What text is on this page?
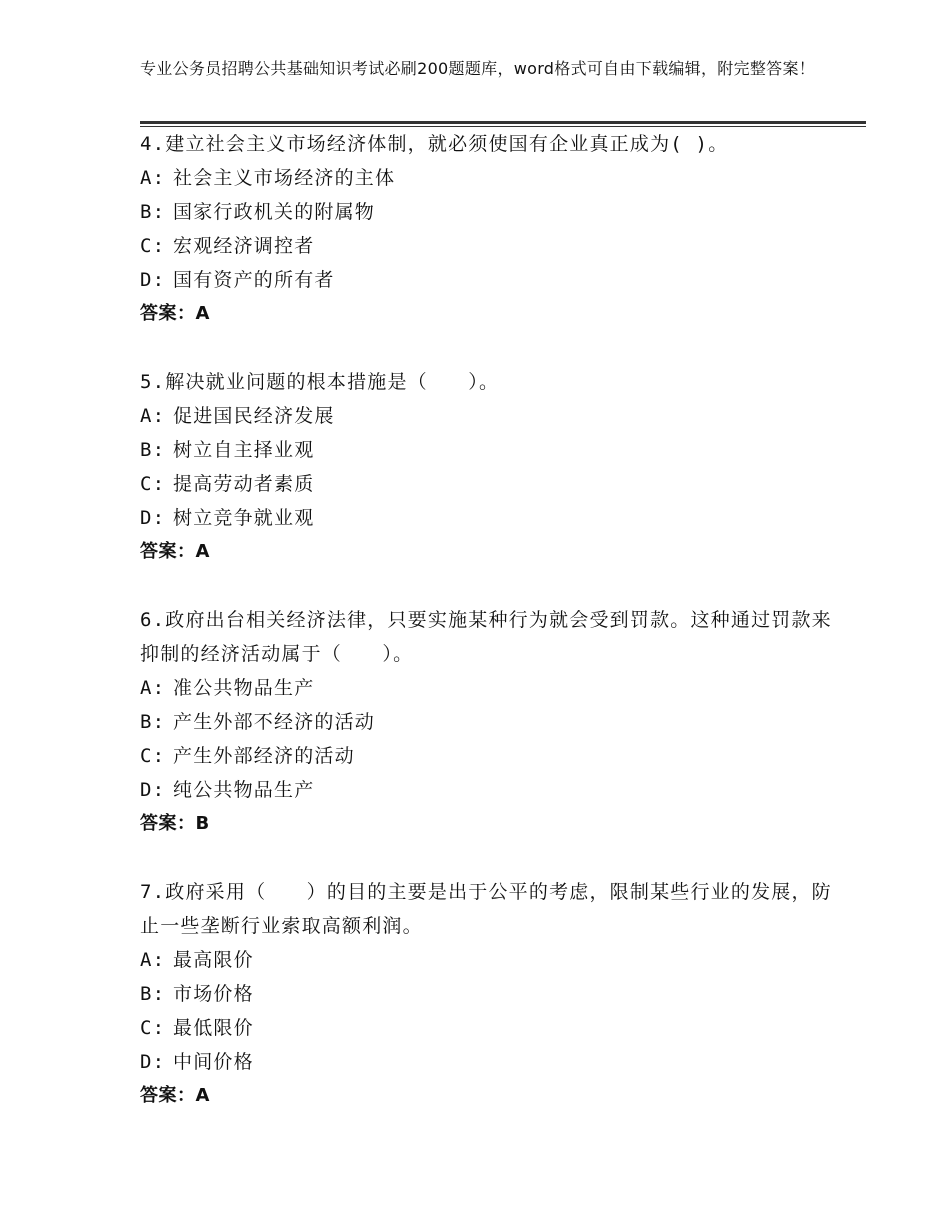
专业公务员招聘公共基础知识考试必刷200题题库，word格式可自由下载编辑，附完整答案！
4.建立社会主义市场经济体制，就必须使国有企业真正成为( )。
A: 社会主义市场经济的主体
B: 国家行政机关的附属物
C: 宏观经济调控者
D: 国有资产的所有者
答案：A
5.解决就业问题的根本措施是（　　）。
A: 促进国民经济发展
B: 树立自主择业观
C: 提高劳动者素质
D: 树立竞争就业观
答案：A
6.政府出台相关经济法律，只要实施某种行为就会受到罚款。这种通过罚款来抑制的经济活动属于（　　）。
A: 准公共物品生产
B: 产生外部不经济的活动
C: 产生外部经济的活动
D: 纯公共物品生产
答案：B
7.政府采用（　　）的目的主要是出于公平的考虑，限制某些行业的发展，防止一些垄断行业索取高额利润。
A: 最高限价
B: 市场价格
C: 最低限价
D: 中间价格
答案：A
